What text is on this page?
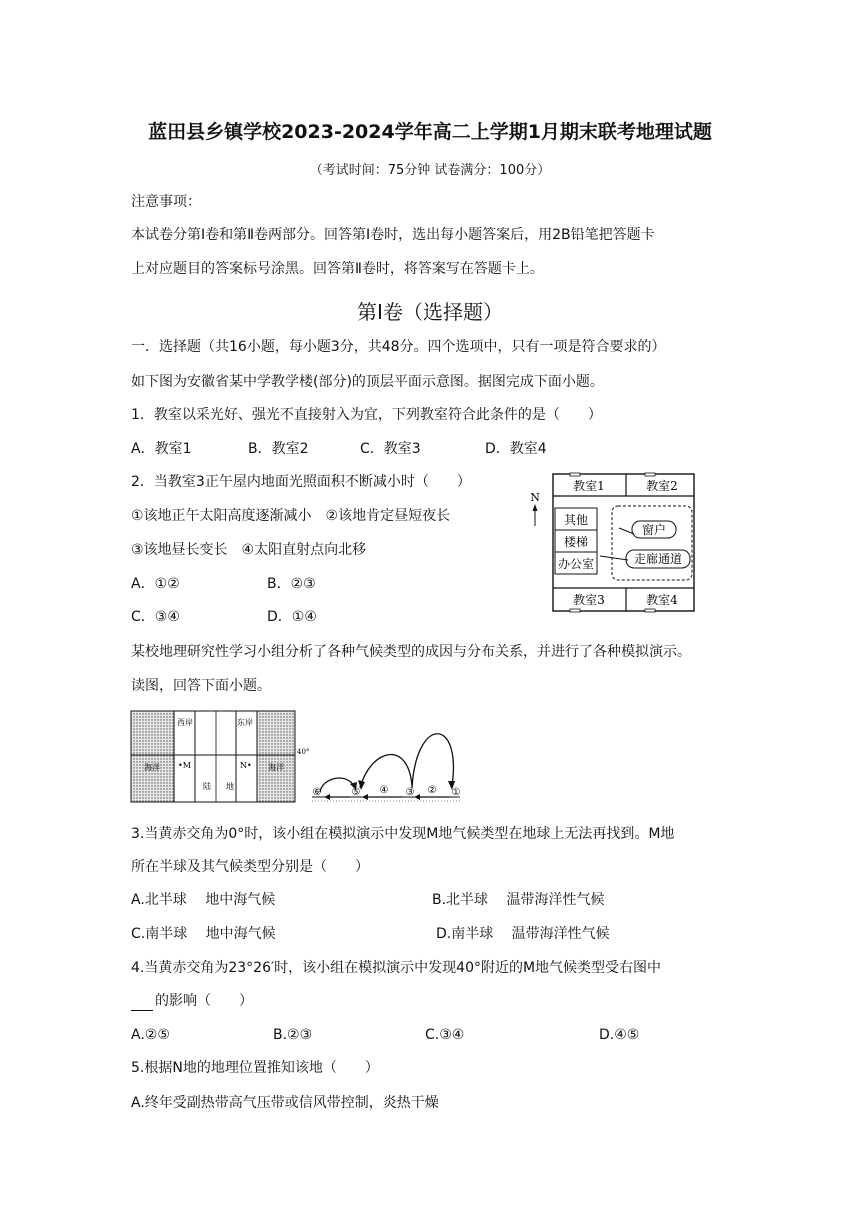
蓝田县乡镇学校2023-2024学年高二上学期1月期末联考地理试题
（考试时间：75分钟 试卷满分：100分）
注意事项：
本试卷分第Ⅰ卷和第Ⅱ卷两部分。回答第Ⅰ卷时，选出每小题答案后，用2B铅笔把答题卡
上对应题目的答案标号涂黑。回答第Ⅱ卷时，将答案写在答题卡上。
第Ⅰ卷（选择题）
一．选择题（共16小题，每小题3分，共48分。四个选项中，只有一项是符合要求的）
如下图为安徽省某中学教学楼(部分)的顶层平面示意图。据图完成下面小题。
1．教室以采光好、强光不直接射入为宜，下列教室符合此条件的是（　　）
A．教室1	B．教室2	C．教室3	D．教室4
2．当教室3正午屋内地面光照面积不断减小时（　　）
①该地正午太阳高度逐渐减小　②该地肯定昼短夜长
③该地昼长变长　④太阳直射点向北移
A．①②	B．②③
C．③④	D．①④
N
教室1	教室2
其他
楼梯
办公室
窗户
走廊通道
教室3	教室4
某校地理研究性学习小组分析了各种气候类型的成因与分布关系，并进行了各种模拟演示。
读图，回答下面小题。
西岸	东岸
海洋	海洋
•M	N•
陆 地
40°
⑥	⑤ ④ ③ ② ①
3.当黄赤交角为0°时，该小组在模拟演示中发现M地气候类型在地球上无法再找到。M地
所在半球及其气候类型分别是（　　）
A.北半球　 地中海气候	B.北半球　 温带海洋性气候
C.南半球　 地中海气候	D.南半球　 温带海洋性气候
4.当黄赤交角为23°26′时，该小组在模拟演示中发现40°附近的M地气候类型受右图中
的影响（　　）
A.②⑤	B.②③	C.③④	D.④⑤
5.根据N地的地理位置推知该地（　　）
A.终年受副热带高气压带或信风带控制，炎热干燥
